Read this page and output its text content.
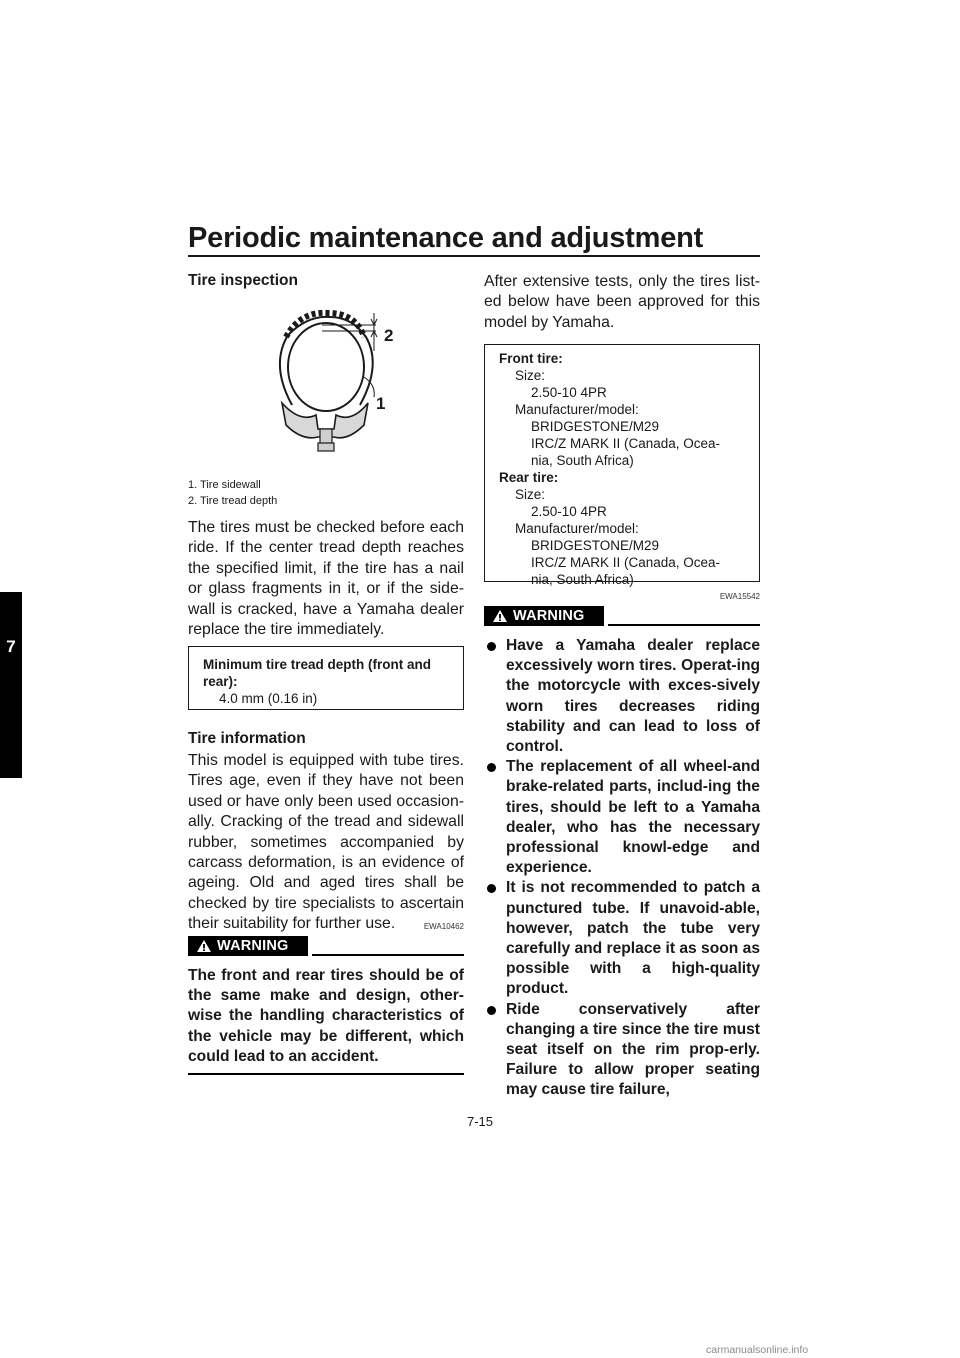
Periodic maintenance and adjustment
7
Tire inspection
2
1

1. Tire sidewall

2. Tire tread depth

The tires must be checked before each ride. If the center tread depth reaches the specified limit, if the tire has a nail or glass fragments in it, or if the side-wall is cracked, have a Yamaha dealer replace the tire immediately.

Minimum tire tread depth (front and rear):
4.0 mm (0.16 in)
Tire information

This model is equipped with tube tires. Tires age, even if they have not been used or have only been used occasion-ally. Cracking of the tread and sidewall rubber, sometimes accompanied by carcass deformation, is an evidence of ageing. Old and aged tires shall be checked by tire specialists to ascertain their suitability for further use.	EWA10462
WARNING

The front and rear tires should be of the same make and design, other-wise the handling characteristics of the vehicle may be different, which could lead to an accident.

After extensive tests, only the tires list-ed below have been approved for this model by Yamaha.

Front tire:
Size:
2.50-10 4PR
Manufacturer/model:
BRIDGESTONE/M29
IRC/Z MARK II (Canada, Ocea-
nia, South Africa)
Rear tire:
Size:
2.50-10 4PR
Manufacturer/model:
BRIDGESTONE/M29
IRC/Z MARK II (Canada, Ocea-
nia, South Africa)
EWA15542
WARNING
Have a Yamaha dealer replace excessively worn tires. Operat-ing the motorcycle with exces-sively worn tires decreases riding stability and can lead to loss of control.
The replacement of all wheel-and brake-related parts, includ-ing the tires, should be left to a Yamaha dealer, who has the necessary professional knowl-edge and experience.
It is not recommended to patch a punctured tube. If unavoid-able, however, patch the tube very carefully and replace it as soon as possible with a high-quality product.
Ride conservatively after changing a tire since the tire must seat itself on the rim prop-erly. Failure to allow proper seating may cause tire failure,
7-15
carmanualsonline.info
